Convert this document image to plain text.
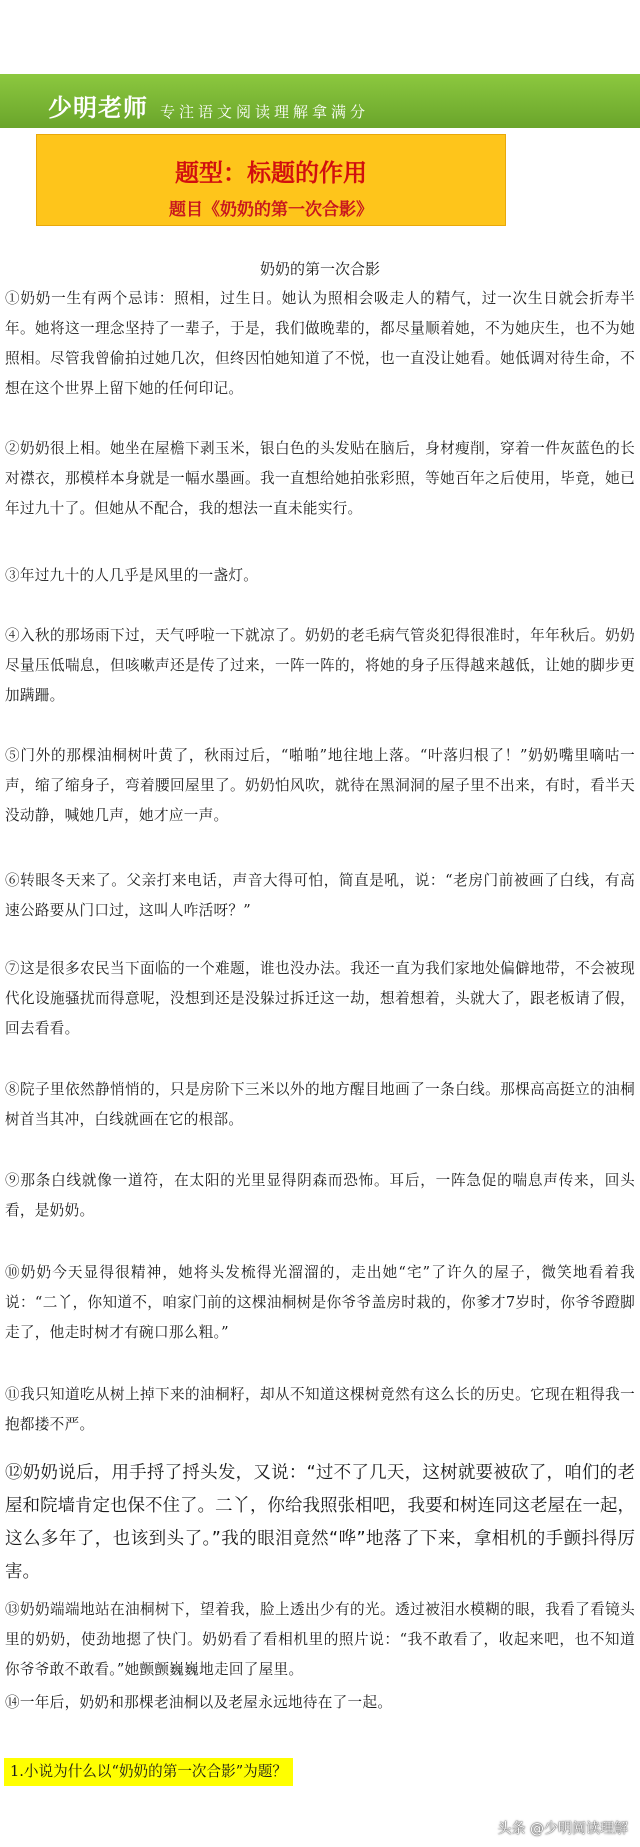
少明老师 专注语文阅读理解拿满分
题型：标题的作用
题目《奶奶的第一次合影》
奶奶的第一次合影

①奶奶一生有两个忌讳：照相，过生日。她认为照相会吸走人的精气，过一次生日就会折寿半年。她将这一理念坚持了一辈子，于是，我们做晚辈的，都尽量顺着她，不为她庆生，也不为她照相。尽管我曾偷拍过她几次，但终因怕她知道了不悦，也一直没让她看。她低调对待生命，不想在这个世界上留下她的任何印记。

②奶奶很上相。她坐在屋檐下剥玉米，银白色的头发贴在脑后，身材瘦削，穿着一件灰蓝色的长对襟衣，那模样本身就是一幅水墨画。我一直想给她拍张彩照，等她百年之后使用，毕竟，她已年过九十了。但她从不配合，我的想法一直未能实行。

③年过九十的人几乎是风里的一盏灯。

④入秋的那场雨下过，天气呼啦一下就凉了。奶奶的老毛病气管炎犯得很准时，年年秋后。奶奶尽量压低喘息，但咳嗽声还是传了过来，一阵一阵的，将她的身子压得越来越低，让她的脚步更加蹒跚。

⑤门外的那棵油桐树叶黄了，秋雨过后，“啪啪”地往地上落。“叶落归根了！”奶奶嘴里嘀咕一声，缩了缩身子，弯着腰回屋里了。奶奶怕风吹，就待在黑洞洞的屋子里不出来，有时，看半天没动静，喊她几声，她才应一声。

⑥转眼冬天来了。父亲打来电话，声音大得可怕，简直是吼，说：“老房门前被画了白线，有高速公路要从门口过，这叫人咋活呀？”

⑦这是很多农民当下面临的一个难题，谁也没办法。我还一直为我们家地处偏僻地带，不会被现代化设施骚扰而得意呢，没想到还是没躲过拆迁这一劫，想着想着，头就大了，跟老板请了假，回去看看。

⑧院子里依然静悄悄的，只是房阶下三米以外的地方醒目地画了一条白线。那棵高高挺立的油桐树首当其冲，白线就画在它的根部。

⑨那条白线就像一道符，在太阳的光里显得阴森而恐怖。耳后，一阵急促的喘息声传来，回头看，是奶奶。

⑩奶奶今天显得很精神，她将头发梳得光溜溜的，走出她“宅”了许久的屋子，微笑地看着我说：“二丫，你知道不，咱家门前的这棵油桐树是你爷爷盖房时栽的，你爹才7岁时，你爷爷蹬脚走了，他走时树才有碗口那么粗。”

⑪我只知道吃从树上掉下来的油桐籽，却从不知道这棵树竟然有这么长的历史。它现在粗得我一抱都搂不严。

⑫奶奶说后，用手捋了捋头发，又说：“过不了几天，这树就要被砍了，咱们的老屋和院墙肯定也保不住了。二丫，你给我照张相吧，我要和树连同这老屋在一起，这么多年了，也该到头了。”我的眼泪竟然“哗”地落了下来，拿相机的手颤抖得厉害。

⑬奶奶端端地站在油桐树下，望着我，脸上透出少有的光。透过被泪水模糊的眼，我看了看镜头里的奶奶，使劲地摁了快门。奶奶看了看相机里的照片说：“我不敢看了，收起来吧，也不知道你爷爷敢不敢看。”她颤颤巍巍地走回了屋里。

⑭一年后，奶奶和那棵老油桐以及老屋永远地待在了一起。

1.小说为什么以“奶奶的第一次合影”为题？
头条 @少明阅读理解
